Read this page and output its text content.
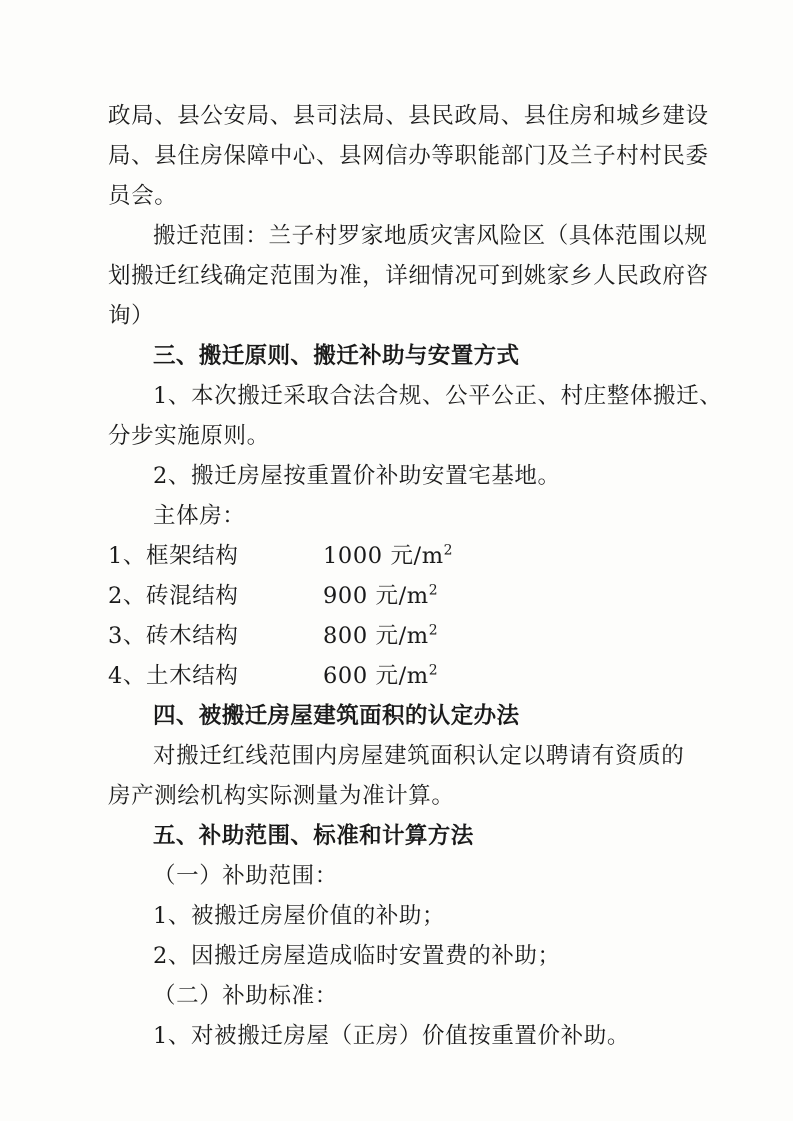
政局、县公安局、县司法局、县民政局、县住房和城乡建设
局、县住房保障中心、县网信办等职能部门及兰子村村民委
员会。
搬迁范围：兰子村罗家地质灾害风险区（具体范围以规
划搬迁红线确定范围为准，详细情况可到姚家乡人民政府咨
询）
三、搬迁原则、搬迁补助与安置方式
1、本次搬迁采取合法合规、公平公正、村庄整体搬迁、
分步实施原则。
2、搬迁房屋按重置价补助安置宅基地。
主体房：
1、框架结构	1000 元$/m^2$
2、砖混结构	900 元$/m^2$
3、砖木结构	800 元$/m^2$
4、土木结构	600 元$/m^2$
四、被搬迁房屋建筑面积的认定办法
对搬迁红线范围内房屋建筑面积认定以聘请有资质的
房产测绘机构实际测量为准计算。
五、补助范围、标准和计算方法
（一）补助范围：
1、被搬迁房屋价值的补助；
2、因搬迁房屋造成临时安置费的补助；
（二）补助标准：
1、对被搬迁房屋（正房）价值按重置价补助。
